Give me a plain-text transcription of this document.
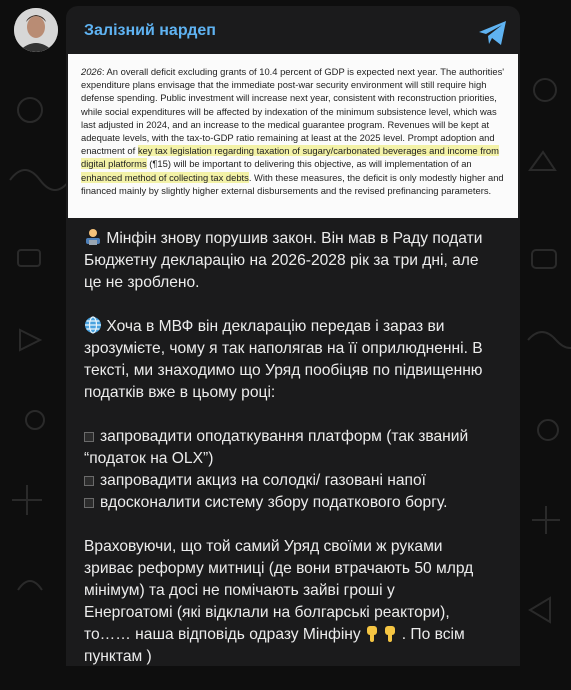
Залізний нардеп
2026: An overall deficit excluding grants of 10.4 percent of GDP is expected next year. The authorities' expenditure plans envisage that the immediate post-war security environment will still require high defense spending. Public investment will increase next year, consistent with reconstruction priorities, while social expenditures will be affected by indexation of the minimum subsistence level, which was last adjusted in 2024, and an increase to the medical guarantee program. Revenues will be kept at adequate levels, with the tax-to-GDP ratio remaining at least at the 2025 level. Prompt adoption and enactment of key tax legislation regarding taxation of sugary/carbonated beverages and income from digital platforms (¶15) will be important to delivering this objective, as will implementation of an enhanced method of collecting tax debts. With these measures, the deficit is only modestly higher and financed mainly by slightly higher external disbursements and the revised prefinancing parameters.

Мінфін знову порушив закон. Він мав в Раду подати
Бюджетну декларацію на 2026-2028 рік за три дні, але
це не зроблено.

Хоча в МВФ він декларацію передав і зараз ви
зрозумієте, чому я так наполягав на її оприлюдненні. В
тексті, ми знаходимо що Уряд пообіцяв по підвищенню
податків вже в цьому році:

запровадити оподаткування платформ (так званий
“податок на OLX”)
запровадити акциз на солодкі/ газовані напої
вдосконалити систему збору податкового боргу.

Враховуючи, що той самий Уряд своїми ж руками
зриває реформу митниці (де вони втрачають 50 млрд
мінімум) та досі не помічають зайві гроші у
Енергоатомі (які відклали на болгарські реактори),
то…… наша відповідь одразу Мінфіну	. По всім
пунктам )
